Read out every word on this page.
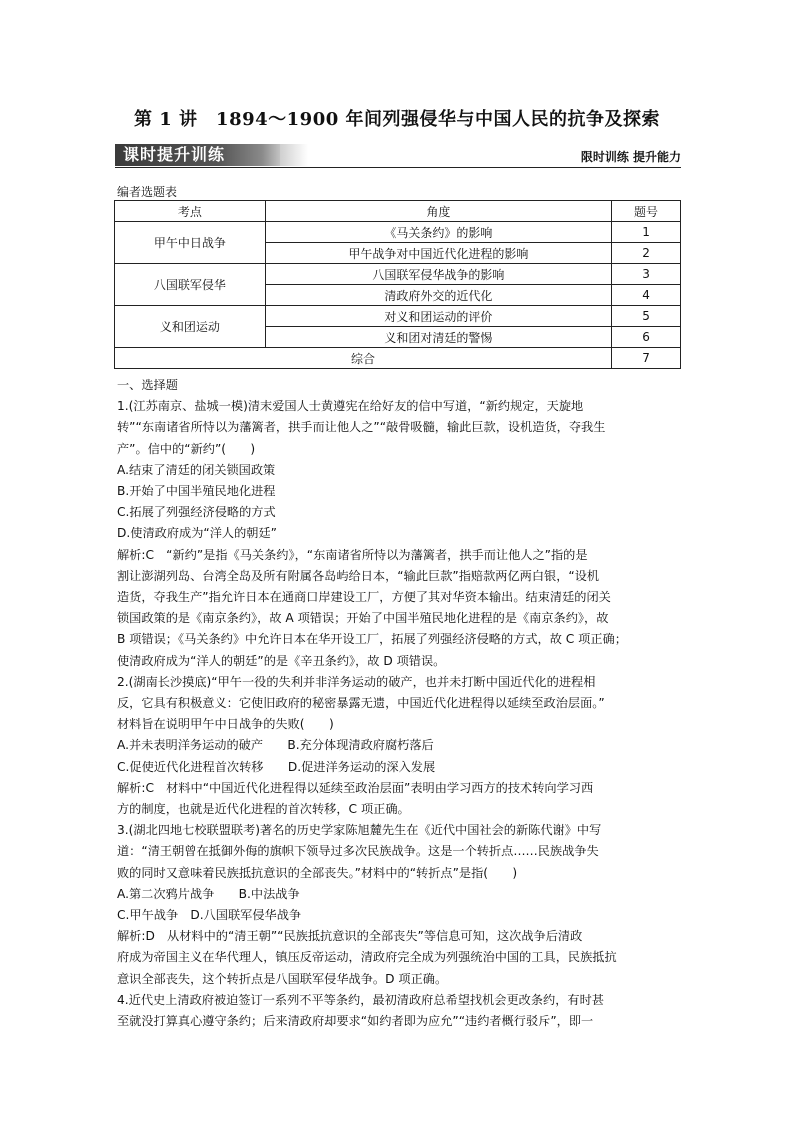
第 1 讲　1894～1900 年间列强侵华与中国人民的抗争及探索
课时提升训练	限时训练 提升能力
编者选题表
考点	角度	题号
甲午中日战争	《马关条约》的影响	1
	甲午战争对中国近代化进程的影响	2
八国联军侵华	八国联军侵华战争的影响	3
	清政府外交的近代化	4
义和团运动	对义和团运动的评价	5
	义和团对清廷的警惕	6
综合		7

一、选择题

1.(江苏南京、盐城一模)清末爱国人士黄遵宪在给好友的信中写道，“新约规定，天旋地

转”“东南诸省所恃以为藩篱者，拱手而让他人之”“敲骨吸髓，输此巨款，设机造货，夺我生

产”。信中的“新约”(　　)

A.结束了清廷的闭关锁国政策

B.开始了中国半殖民地化进程

C.拓展了列强经济侵略的方式

D.使清政府成为“洋人的朝廷”

解析:C　“新约”是指《马关条约》，“东南诸省所恃以为藩篱者，拱手而让他人之”指的是

割让澎湖列岛、台湾全岛及所有附属各岛屿给日本，“输此巨款”指赔款两亿两白银，“设机

造货，夺我生产”指允许日本在通商口岸建设工厂，方便了其对华资本输出。结束清廷的闭关

锁国政策的是《南京条约》，故 A 项错误；开始了中国半殖民地化进程的是《南京条约》，故

B 项错误；《马关条约》中允许日本在华开设工厂，拓展了列强经济侵略的方式，故 C 项正确；

使清政府成为“洋人的朝廷”的是《辛丑条约》，故 D 项错误。

2.(湖南长沙摸底)“甲午一役的失利并非洋务运动的破产，也并未打断中国近代化的进程相

反，它具有积极意义：它使旧政府的秘密暴露无遗，中国近代化进程得以延续至政治层面。”

材料旨在说明甲午中日战争的失败(　　)

A.并未表明洋务运动的破产　　B.充分体现清政府腐朽落后

C.促使近代化进程首次转移　　D.促进洋务运动的深入发展

解析:C　材料中“中国近代化进程得以延续至政治层面”表明由学习西方的技术转向学习西

方的制度，也就是近代化进程的首次转移，C 项正确。

3.(湖北四地七校联盟联考)著名的历史学家陈旭麓先生在《近代中国社会的新陈代谢》中写

道：“清王朝曾在抵御外侮的旗帜下领导过多次民族战争。这是一个转折点……民族战争失

败的同时又意味着民族抵抗意识的全部丧失。”材料中的“转折点”是指(　　)

A.第二次鸦片战争　　B.中法战争

C.甲午战争　D.八国联军侵华战争

解析:D　从材料中的“清王朝”“民族抵抗意识的全部丧失”等信息可知，这次战争后清政

府成为帝国主义在华代理人，镇压反帝运动，清政府完全成为列强统治中国的工具，民族抵抗

意识全部丧失，这个转折点是八国联军侵华战争。D 项正确。

4.近代史上清政府被迫签订一系列不平等条约，最初清政府总希望找机会更改条约，有时甚

至就没打算真心遵守条约；后来清政府却要求“如约者即为应允”“违约者概行驳斥”，即一
